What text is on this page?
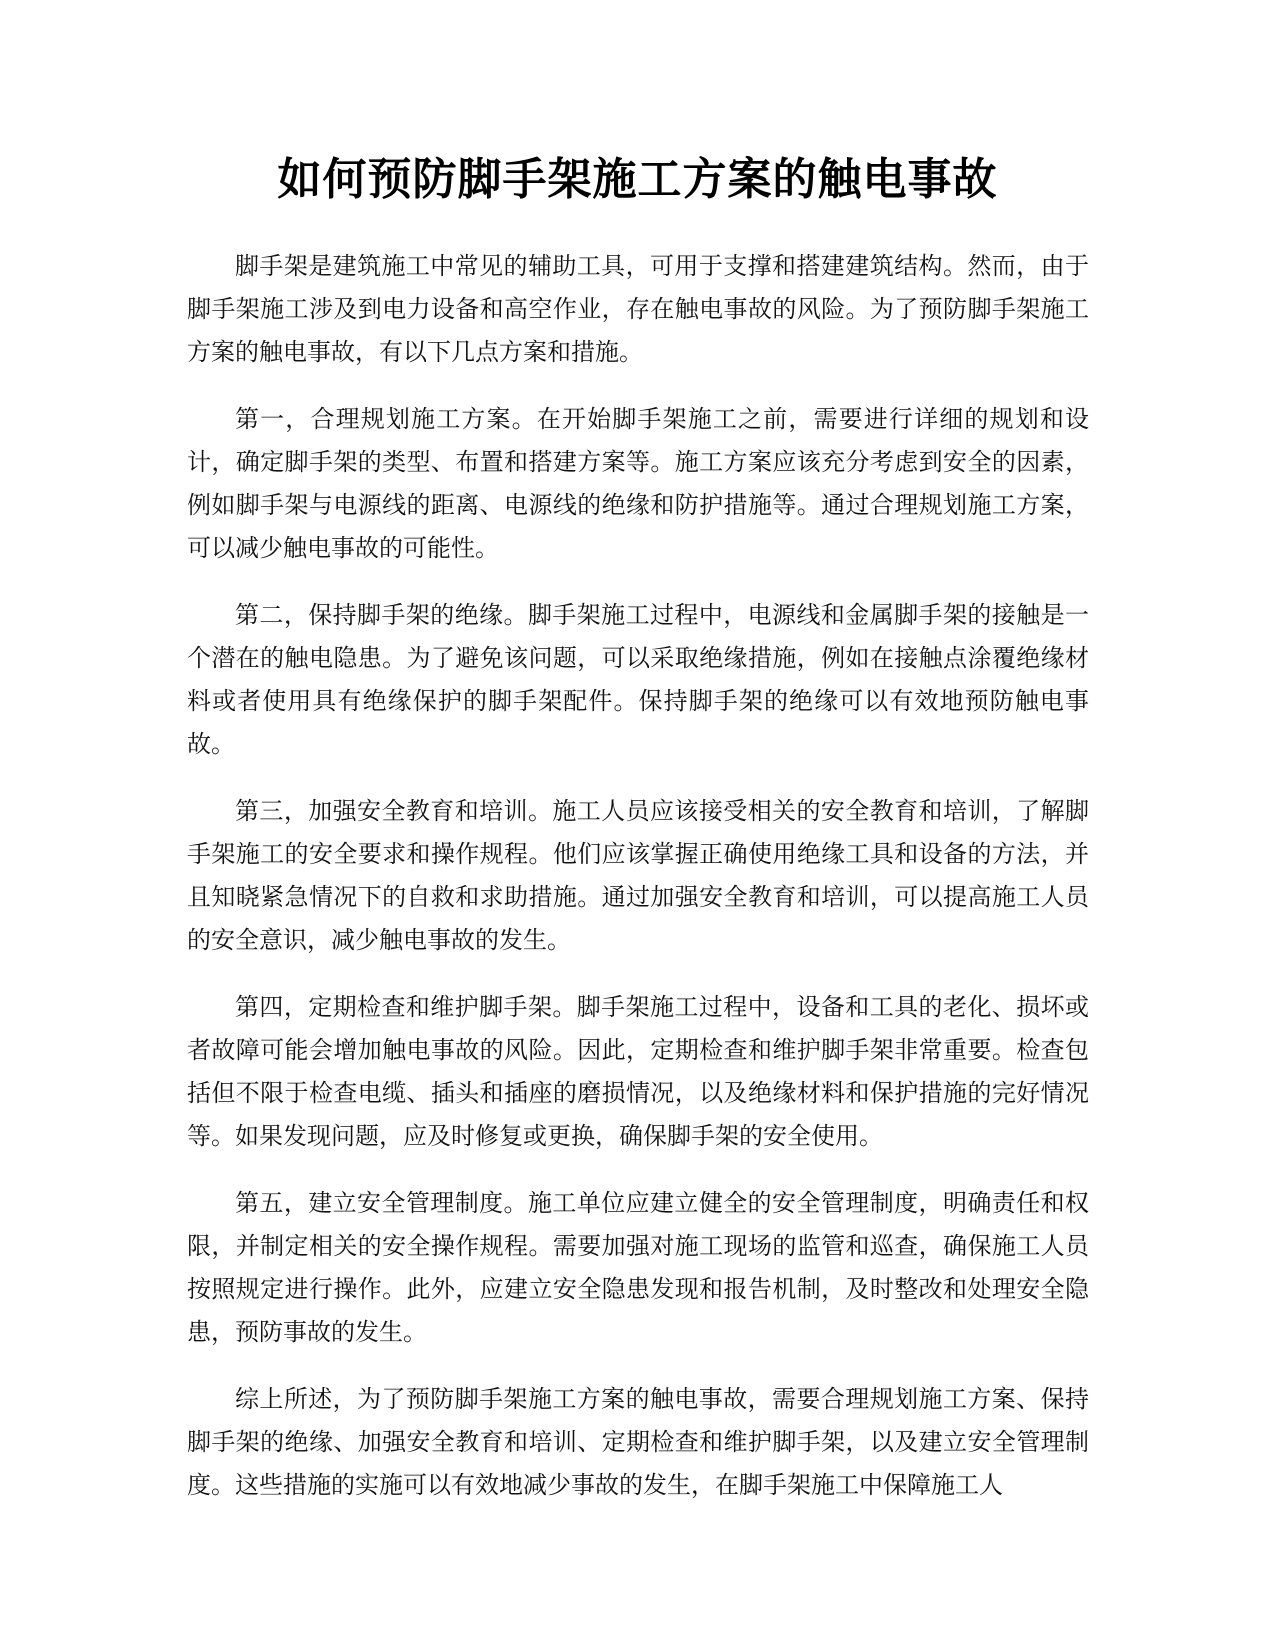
如何预防脚手架施工方案的触电事故

脚手架是建筑施工中常见的辅助工具，可用于支撑和搭建建筑结构。然而，由于脚手架施工涉及到电力设备和高空作业，存在触电事故的风险。为了预防脚手架施工方案的触电事故，有以下几点方案和措施。

第一，合理规划施工方案。在开始脚手架施工之前，需要进行详细的规划和设计，确定脚手架的类型、布置和搭建方案等。施工方案应该充分考虑到安全的因素，例如脚手架与电源线的距离、电源线的绝缘和防护措施等。通过合理规划施工方案，可以减少触电事故的可能性。

第二，保持脚手架的绝缘。脚手架施工过程中，电源线和金属脚手架的接触是一个潜在的触电隐患。为了避免该问题，可以采取绝缘措施，例如在接触点涂覆绝缘材料或者使用具有绝缘保护的脚手架配件。保持脚手架的绝缘可以有效地预防触电事故。

第三，加强安全教育和培训。施工人员应该接受相关的安全教育和培训，了解脚手架施工的安全要求和操作规程。他们应该掌握正确使用绝缘工具和设备的方法，并且知晓紧急情况下的自救和求助措施。通过加强安全教育和培训，可以提高施工人员的安全意识，减少触电事故的发生。

第四，定期检查和维护脚手架。脚手架施工过程中，设备和工具的老化、损坏或者故障可能会增加触电事故的风险。因此，定期检查和维护脚手架非常重要。检查包括但不限于检查电缆、插头和插座的磨损情况，以及绝缘材料和保护措施的完好情况等。如果发现问题，应及时修复或更换，确保脚手架的安全使用。

第五，建立安全管理制度。施工单位应建立健全的安全管理制度，明确责任和权限，并制定相关的安全操作规程。需要加强对施工现场的监管和巡查，确保施工人员按照规定进行操作。此外，应建立安全隐患发现和报告机制，及时整改和处理安全隐患，预防事故的发生。

综上所述，为了预防脚手架施工方案的触电事故，需要合理规划施工方案、保持脚手架的绝缘、加强安全教育和培训、定期检查和维护脚手架，以及建立安全管理制度。这些措施的实施可以有效地减少事故的发生，在脚手架施工中保障施工人
